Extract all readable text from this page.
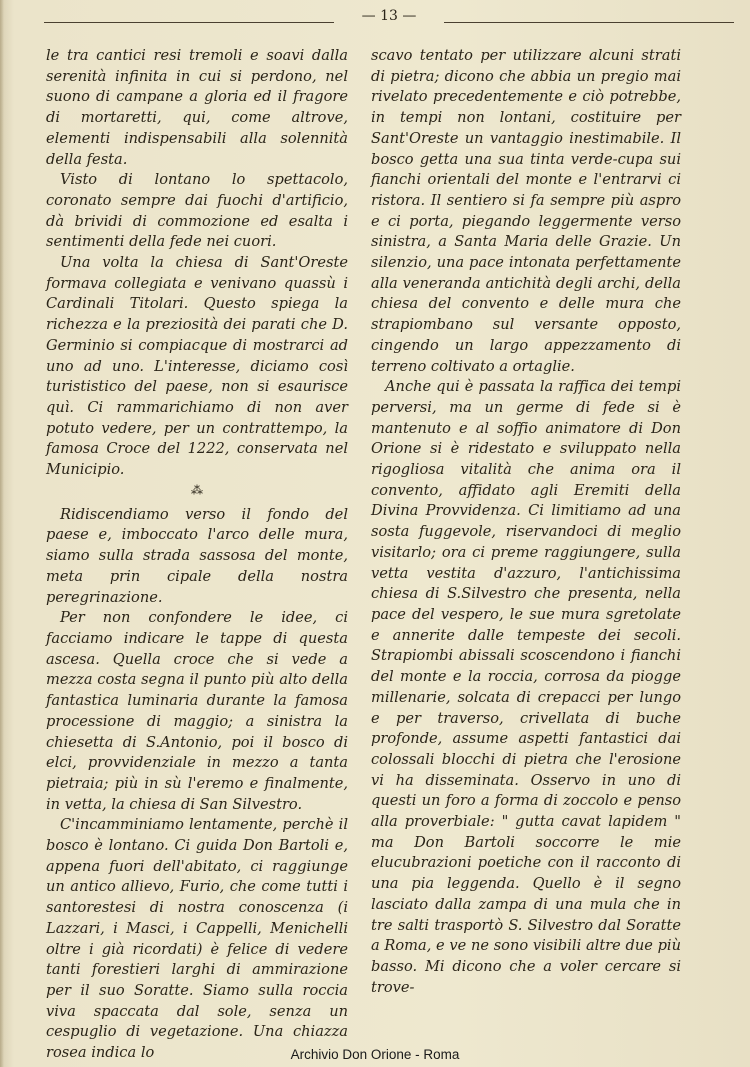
— 13 —

le tra cantici resi tremoli e soavi dalla serenità infinita in cui si perdono, nel suono di campane a gloria ed il fragore di mortaretti, qui, come altrove, elementi indispensabili alla solennità della festa.

Visto di lontano lo spettacolo, coronato sempre dai fuochi d'artificio, dà brividi di commozione ed esalta i sentimenti della fede nei cuori.

Una volta la chiesa di Sant'Oreste formava collegiata e venivano quassù i Cardinali Titolari. Questo spiega la richezza e la preziosità dei parati che D. Germinio si compiacque di mostrarci ad uno ad uno. L'interesse, diciamo così turististico del paese, non si esaurisce quì. Ci rammarichiamo di non aver potuto vedere, per un contrattempo, la famosa Croce del 1222, conservata nel Municipio.

⁂

Ridiscendiamo verso il fondo del paese e, imboccato l'arco delle mura, siamo sulla strada sassosa del monte, meta prin cipale della nostra peregrinazione.

Per non confondere le idee, ci facciamo indicare le tappe di questa ascesa. Quella croce che si vede a mezza costa segna il punto più alto della fantastica luminaria durante la famosa processione di maggio; a sinistra la chiesetta di S.Antonio, poi il bosco di elci, provvidenziale in mezzo a tanta pietraia; più in sù l'eremo e finalmente, in vetta, la chiesa di San Silvestro.

C'incamminiamo lentamente, perchè il bosco è lontano. Ci guida Don Bartoli e, appena fuori dell'abitato, ci raggiunge un antico allievo, Furio, che come tutti i santorestesi di nostra conoscenza (i Lazzari, i Masci, i Cappelli, Menichelli oltre i già ricordati) è felice di vedere tanti forestieri larghi di ammirazione per il suo Soratte. Siamo sulla roccia viva spaccata dal sole, senza un cespuglio di vegetazione. Una chiazza rosea indica lo

scavo tentato per utilizzare alcuni strati di pietra; dicono che abbia un pregio mai rivelato precedentemente e ciò potrebbe, in tempi non lontani, costituire per Sant'Oreste un vantaggio inestimabile. Il bosco getta una sua tinta verde-cupa sui fianchi orientali del monte e l'entrarvi ci ristora. Il sentiero si fa sempre più aspro e ci porta, piegando leggermente verso sinistra, a Santa Maria delle Grazie. Un silenzio, una pace intonata perfettamente alla veneranda antichità degli archi, della chiesa del convento e delle mura che strapiombano sul versante opposto, cingendo un largo appezzamento di terreno coltivato a ortaglie.

Anche qui è passata la raffica dei tempi perversi, ma un germe di fede si è mantenuto e al soffio animatore di Don Orione si è ridestato e sviluppato nella rigogliosa vitalità che anima ora il convento, affidato agli Eremiti della Divina Provvidenza. Ci limitiamo ad una sosta fuggevole, riservandoci di meglio visitarlo; ora ci preme raggiungere, sulla vetta vestita d'azzuro, l'antichissima chiesa di S.Silvestro che presenta, nella pace del vespero, le sue mura sgretolate e annerite dalle tempeste dei secoli. Strapiombi abissali scoscendono i fianchi del monte e la roccia, corrosa da piogge millenarie, solcata di crepacci per lungo e per traverso, crivellata di buche profonde, assume aspetti fantastici dai colossali blocchi di pietra che l'erosione vi ha disseminata. Osservo in uno di questi un foro a forma di zoccolo e penso alla proverbiale: " gutta cavat lapidem " ma Don Bartoli soccorre le mie elucubrazioni poetiche con il racconto di una pia leggenda. Quello è il segno lasciato dalla zampa di una mula che in tre salti trasportò S. Silvestro dal Soratte a Roma, e ve ne sono visibili altre due più basso. Mi dicono che a voler cercare si trove-

Archivio Don Orione - Roma
